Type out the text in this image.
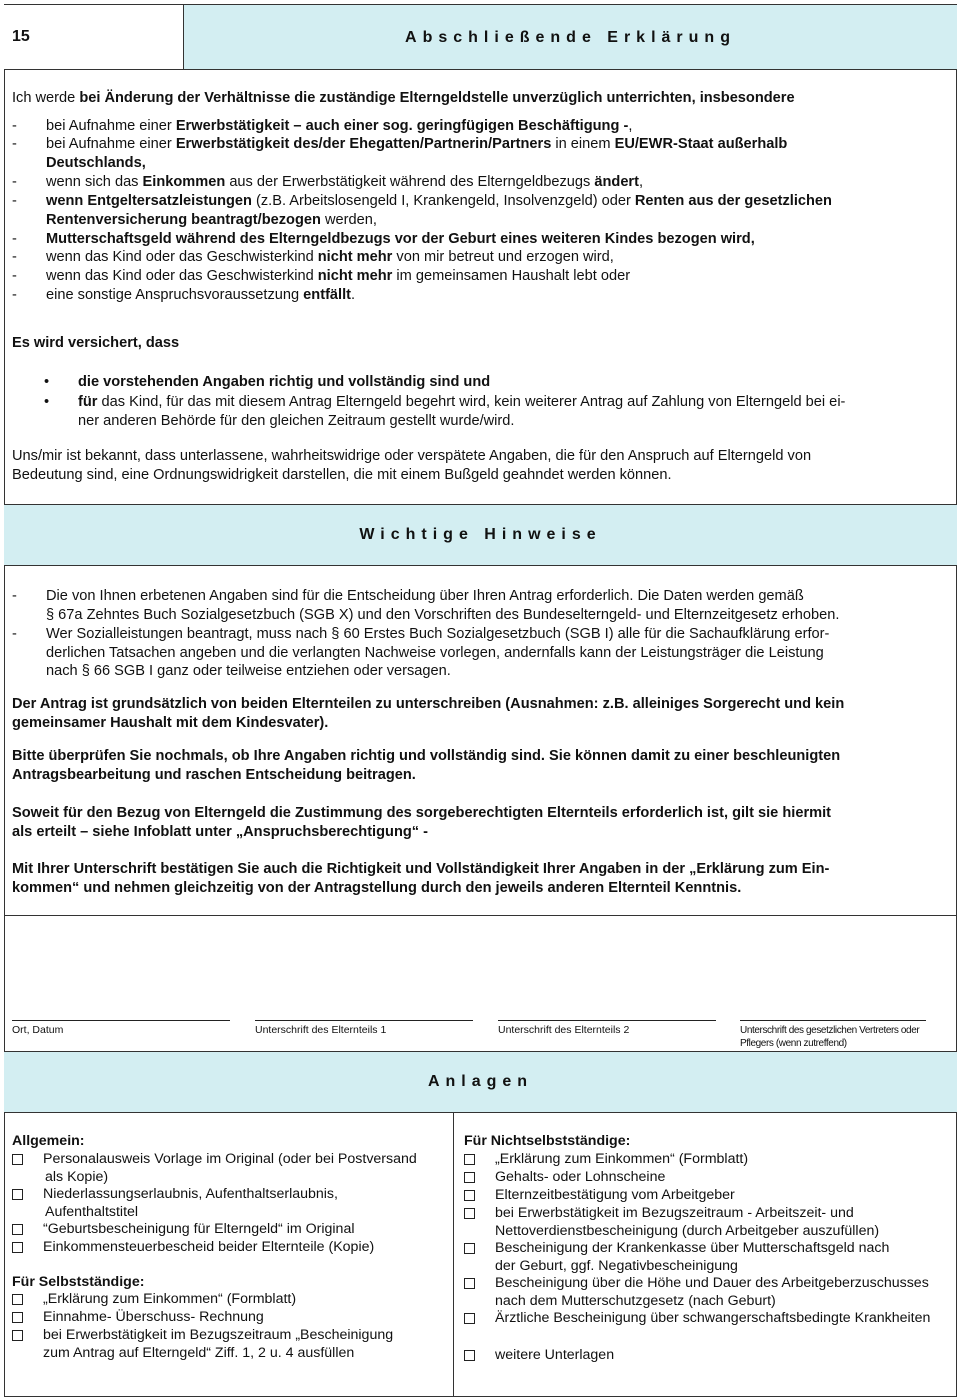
15	Abschließende Erklärung
Ich werde bei Änderung der Verhältnisse die zuständige Elterngeldstelle unverzüglich unterrichten, insbesondere
- bei Aufnahme einer Erwerbstätigkeit – auch einer sog. geringfügigen Beschäftigung -,
- bei Aufnahme einer Erwerbstätigkeit des/der Ehegatten/Partnerin/Partners in einem EU/EWR-Staat außerhalb
Deutschlands,
- wenn sich das Einkommen aus der Erwerbstätigkeit während des Elterngeldbezugs ändert,
- wenn Entgeltersatzleistungen (z.B. Arbeitslosengeld I, Krankengeld, Insolvenzgeld) oder Renten aus der gesetzlichen
Rentenversicherung beantragt/bezogen werden,
- Mutterschaftsgeld während des Elterngeldbezugs vor der Geburt eines weiteren Kindes bezogen wird,
- wenn das Kind oder das Geschwisterkind nicht mehr von mir betreut und erzogen wird,
- wenn das Kind oder das Geschwisterkind nicht mehr im gemeinsamen Haushalt lebt oder
- eine sonstige Anspruchsvoraussetzung entfällt.
Es wird versichert, dass
• die vorstehenden Angaben richtig und vollständig sind und
• für das Kind, für das mit diesem Antrag Elterngeld begehrt wird, kein weiterer Antrag auf Zahlung von Elterngeld bei ei-
ner anderen Behörde für den gleichen Zeitraum gestellt wurde/wird.
Uns/mir ist bekannt, dass unterlassene, wahrheitswidrige oder verspätete Angaben, die für den Anspruch auf Elterngeld von
Bedeutung sind, eine Ordnungswidrigkeit darstellen, die mit einem Bußgeld geahndet werden können.
Wichtige Hinweise
- Die von Ihnen erbetenen Angaben sind für die Entscheidung über Ihren Antrag erforderlich. Die Daten werden gemäß
§ 67a Zehntes Buch Sozialgesetzbuch (SGB X) und den Vorschriften des Bundeselterngeld- und Elternzeitgesetz erhoben.
- Wer Sozialleistungen beantragt, muss nach § 60 Erstes Buch Sozialgesetzbuch (SGB I) alle für die Sachaufklärung erfor-
derlichen Tatsachen angeben und die verlangten Nachweise vorlegen, andernfalls kann der Leistungsträger die Leistung
nach § 66 SGB I ganz oder teilweise entziehen oder versagen.
Der Antrag ist grundsätzlich von beiden Elternteilen zu unterschreiben (Ausnahmen: z.B. alleiniges Sorgerecht und kein
gemeinsamer Haushalt mit dem Kindesvater).
Bitte überprüfen Sie nochmals, ob Ihre Angaben richtig und vollständig sind. Sie können damit zu einer beschleunigten
Antragsbearbeitung und raschen Entscheidung beitragen.
Soweit für den Bezug von Elterngeld die Zustimmung des sorgeberechtigten Elternteils erforderlich ist, gilt sie hiermit
als erteilt – siehe Infoblatt unter „Anspruchsberechtigung“ -
Mit Ihrer Unterschrift bestätigen Sie auch die Richtigkeit und Vollständigkeit Ihrer Angaben in der „Erklärung zum Ein-
kommen“ und nehmen gleichzeitig von der Antragstellung durch den jeweils anderen Elternteil Kenntnis.
Ort, Datum	Unterschrift des Elternteils 1	Unterschrift des Elternteils 2	Unterschrift des gesetzlichen Vertreters oder
Pflegers (wenn zutreffend)
Anlagen
Allgemein:
Personalausweis Vorlage im Original (oder bei Postversand
als Kopie)
Niederlassungserlaubnis, Aufenthaltserlaubnis,
Aufenthaltstitel
“Geburtsbescheinigung für Elterngeld“ im Original
Einkommensteuerbescheid beider Elternteile (Kopie)
Für Selbstständige:
„Erklärung zum Einkommen“ (Formblatt)
Einnahme- Überschuss- Rechnung
bei Erwerbstätigkeit im Bezugszeitraum „Bescheinigung
zum Antrag auf Elterngeld“ Ziff. 1, 2 u. 4 ausfüllen
Für Nichtselbstständige:
„Erklärung zum Einkommen“ (Formblatt)
Gehalts- oder Lohnscheine
Elternzeitbestätigung vom Arbeitgeber
bei Erwerbstätigkeit im Bezugszeitraum - Arbeitszeit- und
Nettoverdienstbescheinigung (durch Arbeitgeber auszufüllen)
Bescheinigung der Krankenkasse über Mutterschaftsgeld nach
der Geburt, ggf. Negativbescheinigung
Bescheinigung über die Höhe und Dauer des Arbeitgeberzuschusses
nach dem Mutterschutzgesetz (nach Geburt)
Ärztliche Bescheinigung über schwangerschaftsbedingte Krankheiten
weitere Unterlagen
